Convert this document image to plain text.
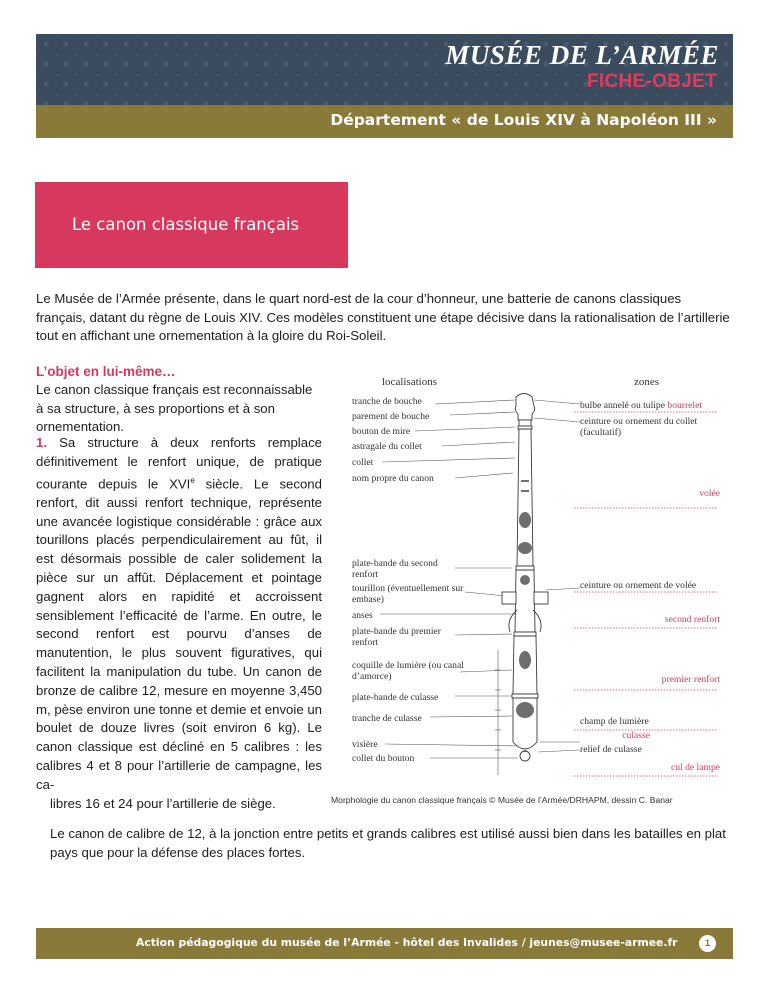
MUSÉE DE L’ARMÉE
FICHE-OBJET
Département « de Louis XIV à Napoléon III »
Le canon classique français

Le Musée de l’Armée présente, dans le quart nord-est de la cour d’honneur, une batterie de canons classiques français, datant du règne de Louis XIV. Ces modèles constituent une étape décisive dans la rationalisation de l’artillerie tout en affichant une ornementation à la gloire du Roi-Soleil.

L’objet en lui-même…

Le canon classique français est reconnaissable à sa structure, à ses proportions et à son ornementation.

1. Sa structure à deux renforts remplace définitivement le renfort unique, de pratique courante depuis le XVIe siècle. Le second renfort, dit aussi renfort technique, représente une avancée logistique considérable : grâce aux tourillons placés perpendiculairement au fût, il est désormais possible de caler solidement la pièce sur un affût. Déplacement et pointage gagnent alors en rapidité et accroissent sensiblement l’efficacité de l’arme. En outre, le second renfort est pourvu d’anses de manutention, le plus souvent figuratives, qui facilitent la manipulation du tube. Un canon de bronze de calibre 12, mesure en moyenne 3,450 m, pèse environ une tonne et demie et envoie un boulet de douze livres (soit environ 6 kg). Le canon classique est décliné en 5 calibres : les calibres 4 et 8 pour l’artillerie de campagne, les ca-

libres 16 et 24 pour l’artillerie de siège.

Le canon de calibre de 12, à la jonction entre petits et grands calibres est utilisé aussi bien dans les batailles en plat pays que pour la défense des places fortes.

localisations	zones
tranche de bouche
parement de bouche
bouton de mire
astragale du collet
collet
nom propre du canon
plate-bande du second renfort
tourillon (éventuellement sur embase)
anses
plate-bande du premier renfort
coquille de lumière (ou canal d’amorce)
plate-bande de culasse
tranche de culasse
visière
collet du bouton
bulbe annelé ou tulipe bourrelet
ceinture ou ornement du collet (facultatif)
volée
ceinture ou ornement de volée
second renfort
premier renfort
champ de lumière
culasse
relief de culasse
cul de lampe
Morphologie du canon classique français © Musée de l’Armée/DRHAPM, dessin C. Banar
Action pédagogique du musée de l’Armée - hôtel des Invalides / jeunes@musee-armee.fr	1
